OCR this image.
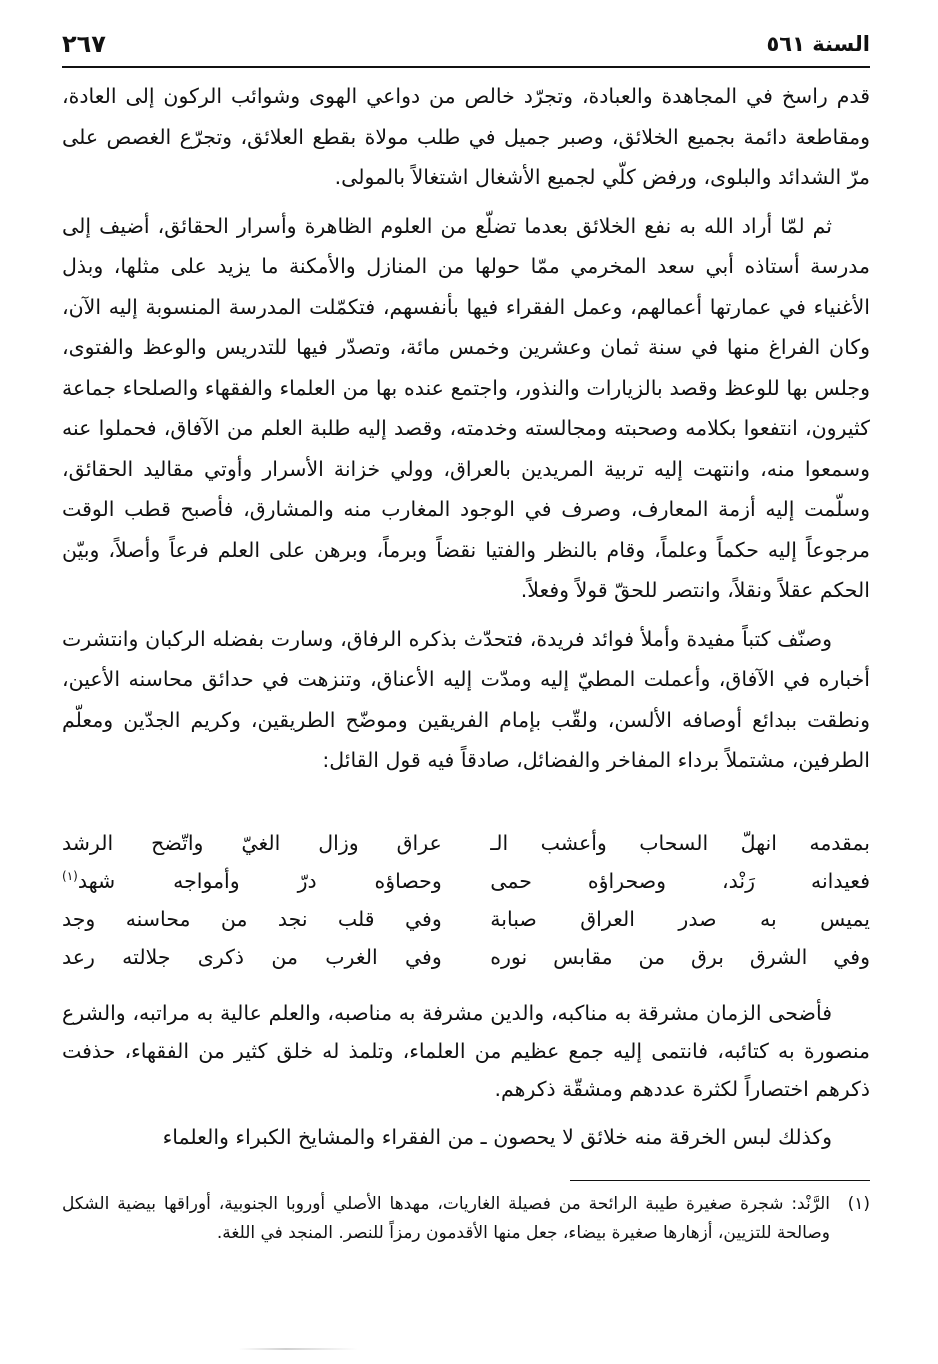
٢٦٧	السنة ٥٦١

قدم راسخ في المجاهدة والعبادة، وتجرّد خالص من دواعي الهوى وشوائب الركون إلى العادة، ومقاطعة دائمة بجميع الخلائق، وصبر جميل في طلب مولاة بقطع العلائق، وتجرّع الغصص على مرّ الشدائد والبلوى، ورفض كلّي لجميع الأشغال اشتغالاً بالمولى.

ثم لمّا أراد الله به نفع الخلائق بعدما تضلّع من العلوم الظاهرة وأسرار الحقائق، أضيف إلى مدرسة أستاذه أبي سعد المخرمي ممّا حولها من المنازل والأمكنة ما يزيد على مثلها، وبذل الأغنياء في عمارتها أعمالهم، وعمل الفقراء فيها بأنفسهم، فتكمّلت المدرسة المنسوبة إليه الآن، وكان الفراغ منها في سنة ثمان وعشرين وخمس مائة، وتصدّر فيها للتدريس والوعظ والفتوى، وجلس بها للوعظ وقصد بالزيارات والنذور، واجتمع عنده بها من العلماء والفقهاء والصلحاء جماعة كثيرون، انتفعوا بكلامه وصحبته ومجالسته وخدمته، وقصد إليه طلبة العلم من الآفاق، فحملوا عنه وسمعوا منه، وانتهت إليه تربية المريدين بالعراق، وولي خزانة الأسرار وأوتي مقاليد الحقائق، وسلّمت إليه أزمة المعارف، وصرف في الوجود المغارب منه والمشارق، فأصبح قطب الوقت مرجوعاً إليه حكماً وعلماً، وقام بالنظر والفتيا نقضاً وبرماً، وبرهن على العلم فرعاً وأصلاً، وبيّن الحكم عقلاً ونقلاً، وانتصر للحقّ قولاً وفعلاً.

وصنّف كتباً مفيدة وأملأ فوائد فريدة، فتحدّث بذكره الرفاق، وسارت بفضله الركبان وانتشرت أخباره في الآفاق، وأعملت المطيّ إليه ومدّت إليه الأعناق، وتنزهت في حدائق محاسنه الأعين، ونطقت ببدائع أوصافه الألسن، ولقّب بإمام الفريقين وموضّح الطريقين، وكريم الجدّين ومعلّم الطرفين، مشتملاً برداء المفاخر والفضائل، صادقاً فيه قول القائل:

بمقدمه انهلّ السحاب وأعشب الـ
عراق وزال الغيّ واتّضح الرشد
فعيدانه رَنْد، وصحراؤه حمى
وحصاؤه درّ وأمواجه شهد$^{(١)}$
يميس به صدر العراق صبابة
وفي قلب نجد من محاسنه وجد
وفي الشرق برق من مقابس نوره
وفي الغرب من ذكرى جلالته رعد

فأضحى الزمان مشرقة به مناكبه، والدين مشرفة به مناصبه، والعلم عالية به مراتبه، والشرع منصورة به كتائبه، فانتمى إليه جمع عظيم من العلماء، وتلمذ له خلق كثير من الفقهاء، حذفت ذكرهم اختصاراً لكثرة عددهم ومشقّة ذكرهم.

وكذلك لبس الخرقة منه خلائق لا يحصون ـ من الفقراء والمشايخ الكبراء والعلماء

(١)
الرَّنْد: شجرة صغيرة طيبة الرائحة من فصيلة الغاريات، مهدها الأصلي أوروبا الجنوبية، أوراقها بيضية الشكل وصالحة للتزيين، أزهارها صغيرة بيضاء، جعل منها الأقدمون رمزاً للنصر. المنجد في اللغة.
